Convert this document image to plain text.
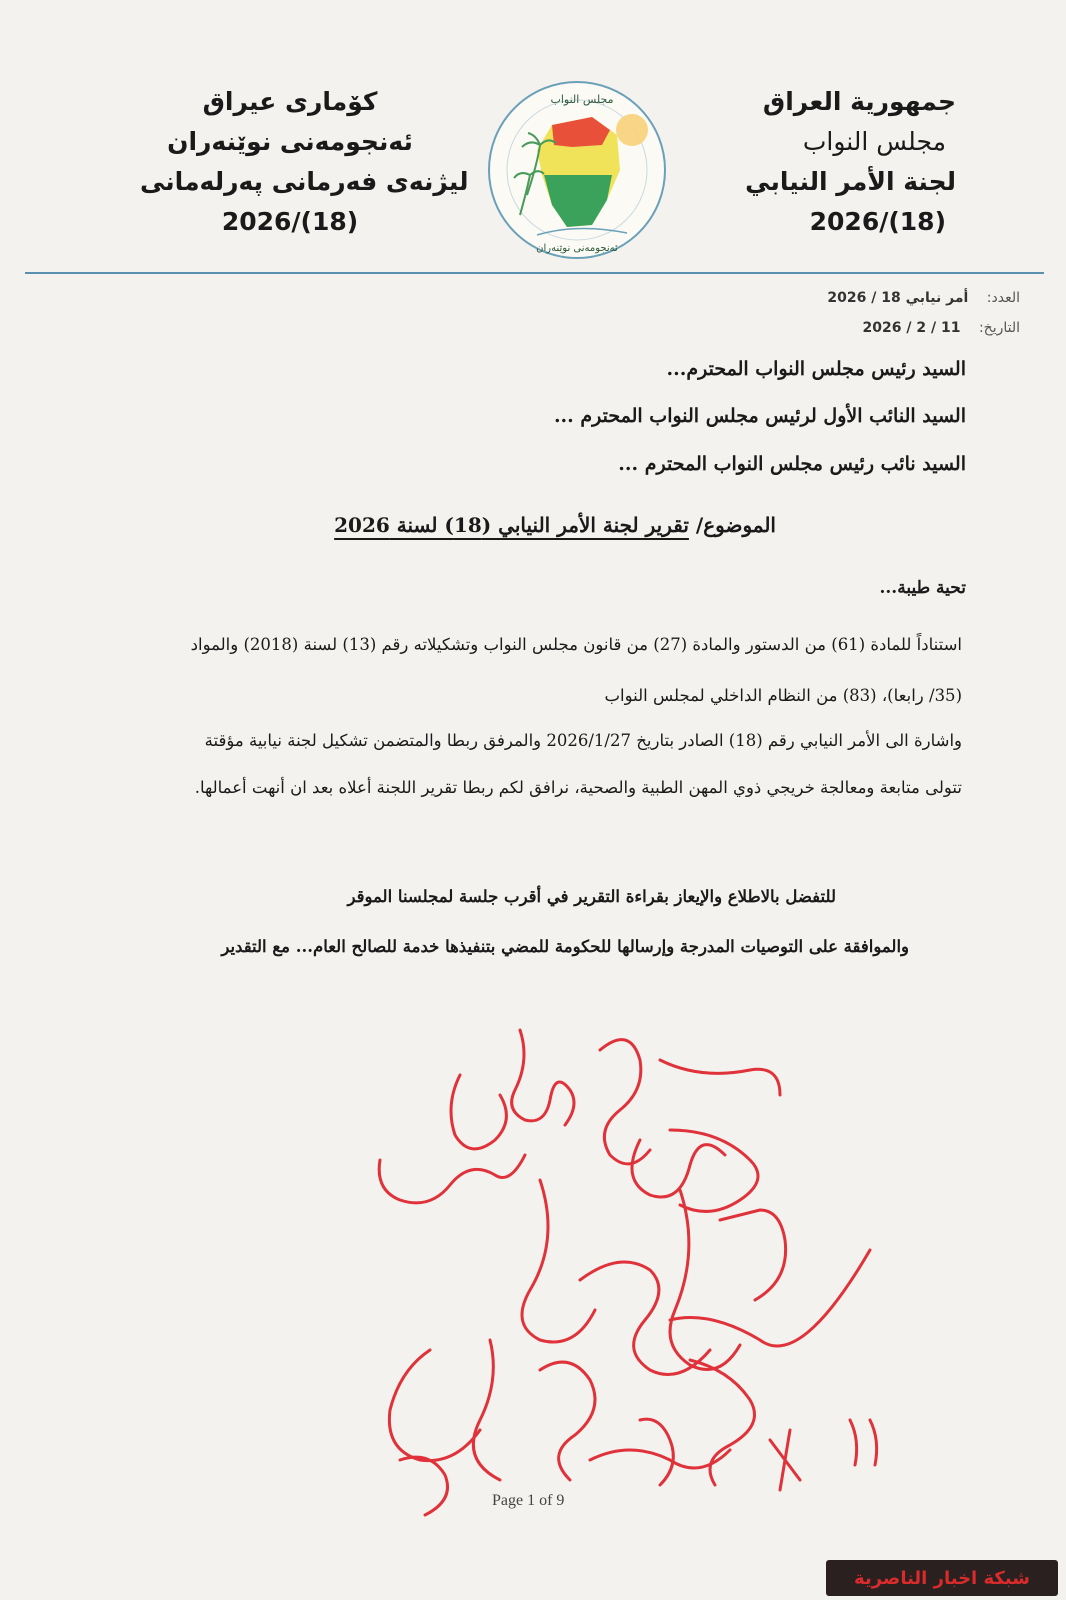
جمهورية العراق
مجلس النواب
لجنة الأمر النيابي
2026/(18)
كۆماری عیراق
ئەنجومەنی نوێنەران
لیژنەی فەرمانی پەرلەمانی
2026/(18)
مجلس النواب
ئەنجومەنی نوێنەران
العدد: أمر نيابي 18 / 2026
التاريخ: 11 / 2 / 2026
السيد رئيس مجلس النواب المحترم...
السيد النائب الأول لرئيس مجلس النواب المحترم ...
السيد نائب رئيس مجلس النواب المحترم ...
الموضوع/ تقرير لجنة الأمر النيابي (18) لسنة 2026
تحية طيبة...
استناداً للمادة (61) من الدستور والمادة (27) من قانون مجلس النواب وتشكيلاته رقم (13) لسنة (2018) والمواد
(35/ رابعا)، (83) من النظام الداخلي لمجلس النواب
واشارة الى الأمر النيابي رقم (18) الصادر بتاريخ 2026/1/27 والمرفق ربطا والمتضمن تشكيل لجنة نيابية مؤقتة
تتولى متابعة ومعالجة خريجي ذوي المهن الطبية والصحية، نرافق لكم ربطا تقرير اللجنة أعلاه بعد ان أنهت أعمالها.
للتفضل بالاطلاع والإيعاز بقراءة التقرير في أقرب جلسة لمجلسنا الموقر
والموافقة على التوصيات المدرجة وإرسالها للحكومة للمضي بتنفيذها خدمة للصالح العام... مع التقدير
Page 1 of 9
شبكة اخبار الناصرية
